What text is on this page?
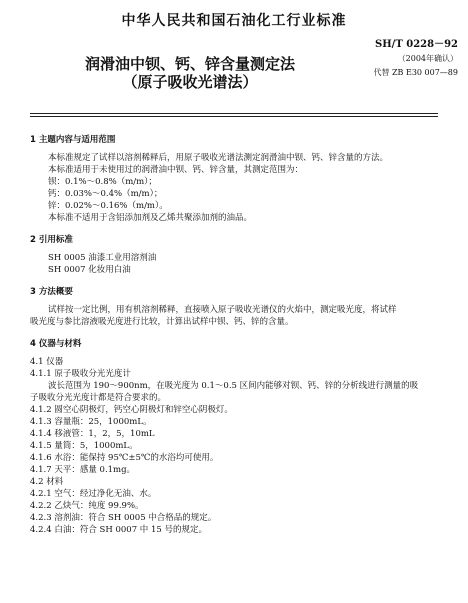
中华人民共和国石油化工行业标准
润滑油中钡、钙、锌含量测定法
（原子吸收光谱法）
SH/T 0228－92
（2004年确认）
代替 ZB E30 007—89
1 主题内容与适用范围
本标准规定了试样以溶剂稀释后，用原子吸收光谱法测定润滑油中钡、钙、锌含量的方法。
本标准适用于未使用过的润滑油中钡、钙、锌含量，其测定范围为：
钡：0.1%～0.8%（m/m）；
钙：0.03%～0.4%（m/m）；
锌：0.02%～0.16%（m/m）。
本标准不适用于含铝添加剂及乙烯共聚添加剂的油品。
2 引用标准
SH 0005 油漆工业用溶剂油
SH 0007 化妆用白油
3 方法概要
试样按一定比例，用有机溶剂稀释，直接喷入原子吸收光谱仪的火焰中，测定吸光度，将试样
吸光度与参比溶液吸光度进行比较，计算出试样中钡、钙、锌的含量。
4 仪器与材料
4.1 仪器
4.1.1 原子吸收分光光度计
波长范围为 190～900nm，在吸光度为 0.1～0.5 区间内能够对钡、钙、锌的分析线进行测量的吸
子吸收分光光度计都是符合要求的。
4.1.2 圆空心阴极灯，钙空心阴极灯和锌空心阴极灯。
4.1.3 容量瓶：25，1000mL。
4.1.4 移液管：1，2，5，10mL
4.1.5 量筒：5，1000mL。
4.1.6 水浴：能保持 95℃±5℃的水浴均可使用。
4.1.7 天平：感量 0.1mg。
4.2 材料
4.2.1 空气：经过净化无油、水。
4.2.2 乙炔气：纯度 99.9%。
4.2.3 溶剂油：符合 SH 0005 中合格品的规定。
4.2.4 白油：符合 SH 0007 中 15 号的规定。
